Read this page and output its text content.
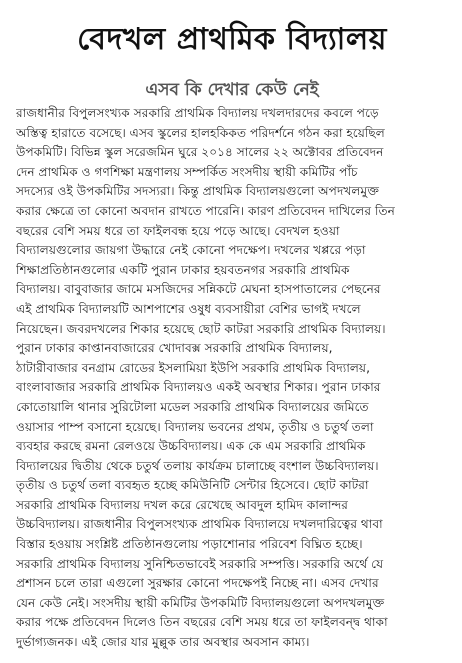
বেদখল প্রাথমিক বিদ্যালয়
এসব কি দেখার কেউ নেই
রাজধানীর বিপুলসংখ্যক সরকারি প্রাথমিক বিদ্যালয় দখলদারদের কবলে পড়ে
অস্তিত্ব হারাতে বসেছে। এসব স্কুলের হালহকিকত পরিদর্শনে গঠন করা হয়েছিল
উপকমিটি। বিভিন্ন স্কুল সরেজমিন ঘুরে ২০১৪ সালের ২২ অক্টোবর প্রতিবেদন
দেন প্রাথমিক ও গণশিক্ষা মন্ত্রণালয় সম্পর্কিত সংসদীয় স্থায়ী কমিটির পাঁচ
সদস্যের ওই উপকমিটির সদস্যরা। কিন্তু প্রাথমিক বিদ্যালয়গুলো অপদখলমুক্ত
করার ক্ষেত্রে তা কোনো অবদান রাখতে পারেনি। কারণ প্রতিবেদন দাখিলের তিন
বছরের বেশি সময় ধরে তা ফাইলবন্ধ হয়ে পড়ে আছে। বেদখল হওয়া
বিদ্যালয়গুলোর জায়গা উদ্ধারে নেই কোনো পদক্ষেপ। দখলের খপ্পরে পড়া
শিক্ষাপ্রতিষ্ঠানগুলোর একটি পুরান ঢাকার হয়বতনগর সরকারি প্রাথমিক
বিদ্যালয়। বাবুবাজার জামে মসজিদের সন্নিকটে মেঘনা হাসপাতালের পেছনের
এই প্রাথমিক বিদ্যালয়টি আশপাশের ওষুধ ব্যবসায়ীরা বেশির ভাগই দখলে
নিয়েছেন। জবরদখলের শিকার হয়েছে ছোট কাটরা সরকারি প্রাথমিক বিদ্যালয়।
পুরান ঢাকার কাপ্তানবাজারের খোদাবক্স সরকারি প্রাথমিক বিদ্যালয়,
ঠাটারীবাজার বনগ্রাম রোডের ইসলামিয়া ইউপি সরকারি প্রাথমিক বিদ্যালয়,
বাংলাবাজার সরকারি প্রাথমিক বিদ্যালয়ও একই অবস্থার শিকার। পুরান ঢাকার
কোতোয়ালি থানার সুরিটোলা মডেল সরকারি প্রাথমিক বিদ্যালয়ের জমিতে
ওয়াসার পাম্প বসানো হয়েছে। বিদ্যালয় ভবনের প্রথম, তৃতীয় ও চতুর্থ তলা
ব্যবহার করছে রমনা রেলওয়ে উচ্চবিদ্যালয়। এক কে এম সরকারি প্রাথমিক
বিদ্যালয়ের দ্বিতীয় থেকে চতুর্থ তলায় কার্যক্রম চালাচ্ছে বংশাল উচ্চবিদ্যালয়।
তৃতীয় ও চতুর্থ তলা ব্যবহৃত হচ্ছে কমিউনিটি সেন্টার হিসেবে। ছোট কাটরা
সরকারি প্রাথমিক বিদ্যালয় দখল করে রেখেছে আবদুল হামিদ কালান্দর
উচ্চবিদ্যালয়। রাজধানীর বিপুলসংখ্যক প্রাথমিক বিদ্যালয়ে দখলদারিত্বের থাবা
বিস্তার হওয়ায় সংশ্লিষ্ট প্রতিষ্ঠানগুলোয় পড়াশোনার পরিবেশ বিঘ্নিত হচ্ছে।
সরকারি প্রাথমিক বিদ্যালয় সুনিশ্চিতভাবেই সরকারি সম্পত্তি। সরকারি অর্থে যে
প্রশাসন চলে তারা এগুলো সুরক্ষার কোনো পদক্ষেপই নিচ্ছে না। এসব দেখার
যেন কেউ নেই। সংসদীয় স্থায়ী কমিটির উপকমিটি বিদ্যালয়গুলো অপদখলমুক্ত
করার পক্ষে প্রতিবেদন দিলেও তিন বছরের বেশি সময় ধরে তা ফাইলবন্দ্ব থাকা
দুর্ভাগ্যজনক। এই জোর যার মুল্লুক তার অবস্থার অবসান কাম্য।
